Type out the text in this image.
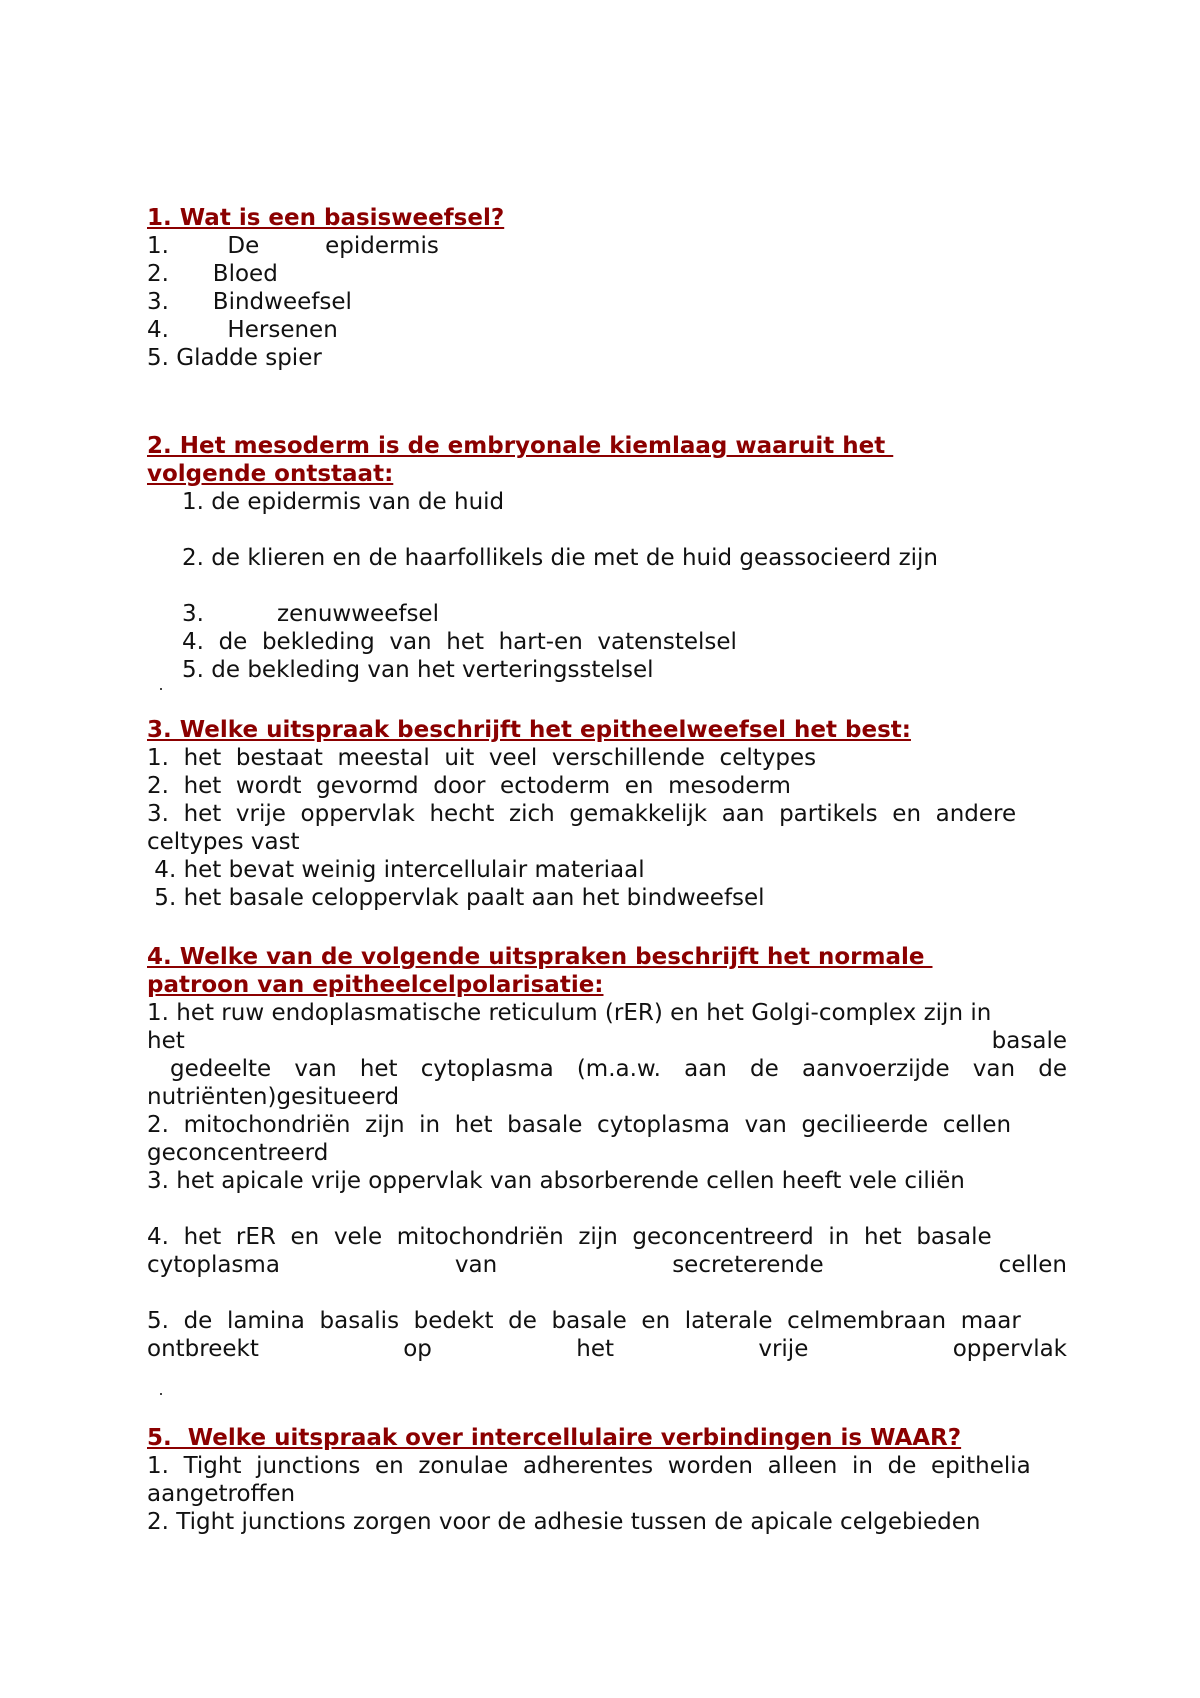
1. Wat is een basisweefsel?
1.        De         epidermis
2.      Bloed
3.      Bindweefsel
4.        Hersenen
5. Gladde spier
2. Het mesoderm is de embryonale kiemlaag waaruit het
volgende ontstaat:
1. de epidermis van de huid
2. de klieren en de haarfollikels die met de huid geassocieerd zijn
3.          zenuwweefsel
4.  de  bekleding  van  het  hart-en  vatenstelsel
5. de bekleding van het verteringsstelsel
3. Welke uitspraak beschrijft het epitheelweefsel het best:
1.  het  bestaat  meestal  uit  veel  verschillende  celtypes
2.  het  wordt  gevormd  door  ectoderm  en  mesoderm
3.  het  vrije  oppervlak  hecht  zich  gemakkelijk  aan  partikels  en  andere
celtypes vast
4. het bevat weinig intercellulair materiaal
5. het basale celoppervlak paalt aan het bindweefsel
4. Welke van de volgende uitspraken beschrijft het normale
patroon van epitheelcelpolarisatie:
1. het ruw endoplasmatische reticulum (rER) en het Golgi-complex zijn in
het basale
gedeelte van het cytoplasma (m.a.w. aan de aanvoerzijde van de
nutriënten)gesitueerd
2.  mitochondriën  zijn  in  het  basale  cytoplasma  van  gecilieerde  cellen
geconcentreerd
3. het apicale vrije oppervlak van absorberende cellen heeft vele ciliën
4.  het  rER  en  vele  mitochondriën  zijn  geconcentreerd  in  het  basale
cytoplasma van secreterende cellen
5.  de  lamina  basalis  bedekt  de  basale  en  laterale  celmembraan  maar
ontbreekt op het vrije oppervlak
5.  Welke uitspraak over intercellulaire verbindingen is WAAR?
1.  Tight  junctions  en  zonulae  adherentes  worden  alleen  in  de  epithelia
aangetroffen
2. Tight junctions zorgen voor de adhesie tussen de apicale celgebieden
